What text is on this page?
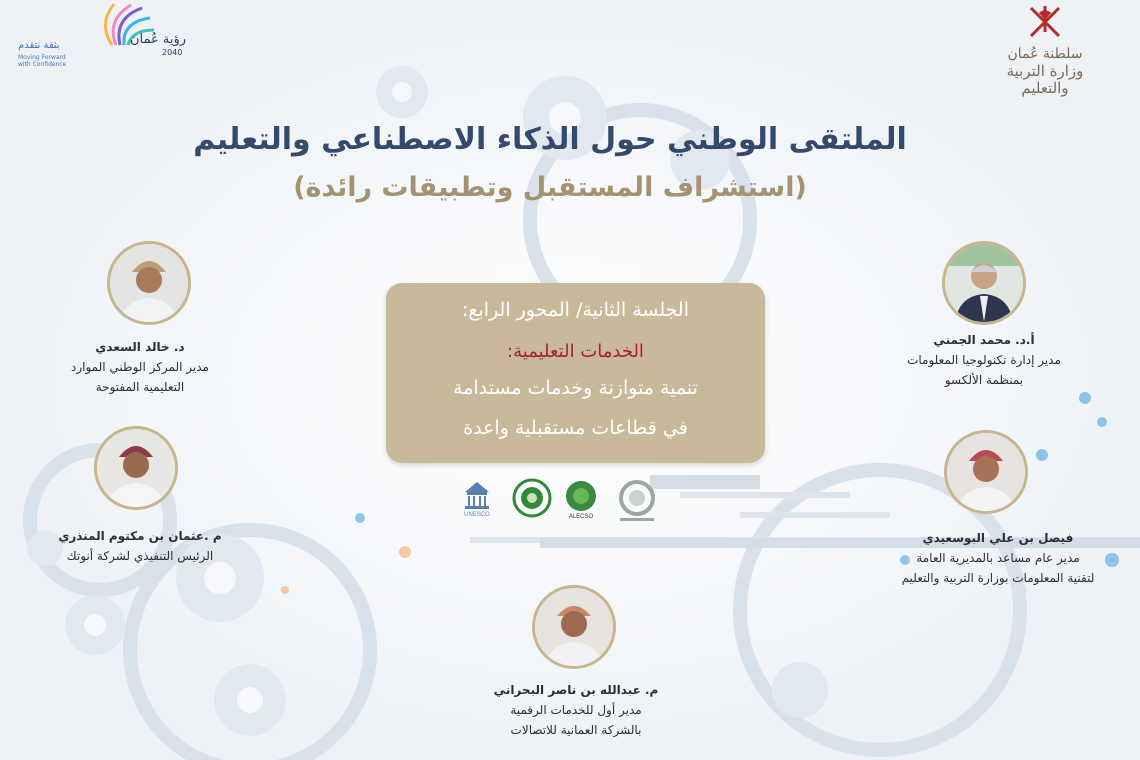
سلطنة عُمان
وزارة التربية والتعليم
رؤية عُمان
2040
بثقة نتقدم
Moving Forward with Confidence
الملتقى الوطني حول الذكاء الاصطناعي والتعليم
(استشراف المستقبل وتطبيقات رائدة)
الجلسة الثانية/ المحور الرابع:
الخدمات التعليمية:
تنمية متوازنة وخدمات مستدامة
في قطاعات مستقبلية واعدة
UNESCO	ALECSO
أ.د. محمد الجمني
مدير إدارة تكنولوجيا المعلومات
بمنظمة الألكسو
فيصل بن علي البوسعيدي
مدير عام مساعد بالمديرية العامة
لتقنية المعلومات بوزارة التربية والتعليم
م. عبدالله بن ناصر البحراني
مدير أول للخدمات الرقمية
بالشركة العمانية للاتصالات
م .عثمان بن مكتوم المنذري
الرئيس التنفيذي لشركة أنوتك
د. خالد السعدي
مدير المركز الوطني الموارد
التعليمية المفتوحة
